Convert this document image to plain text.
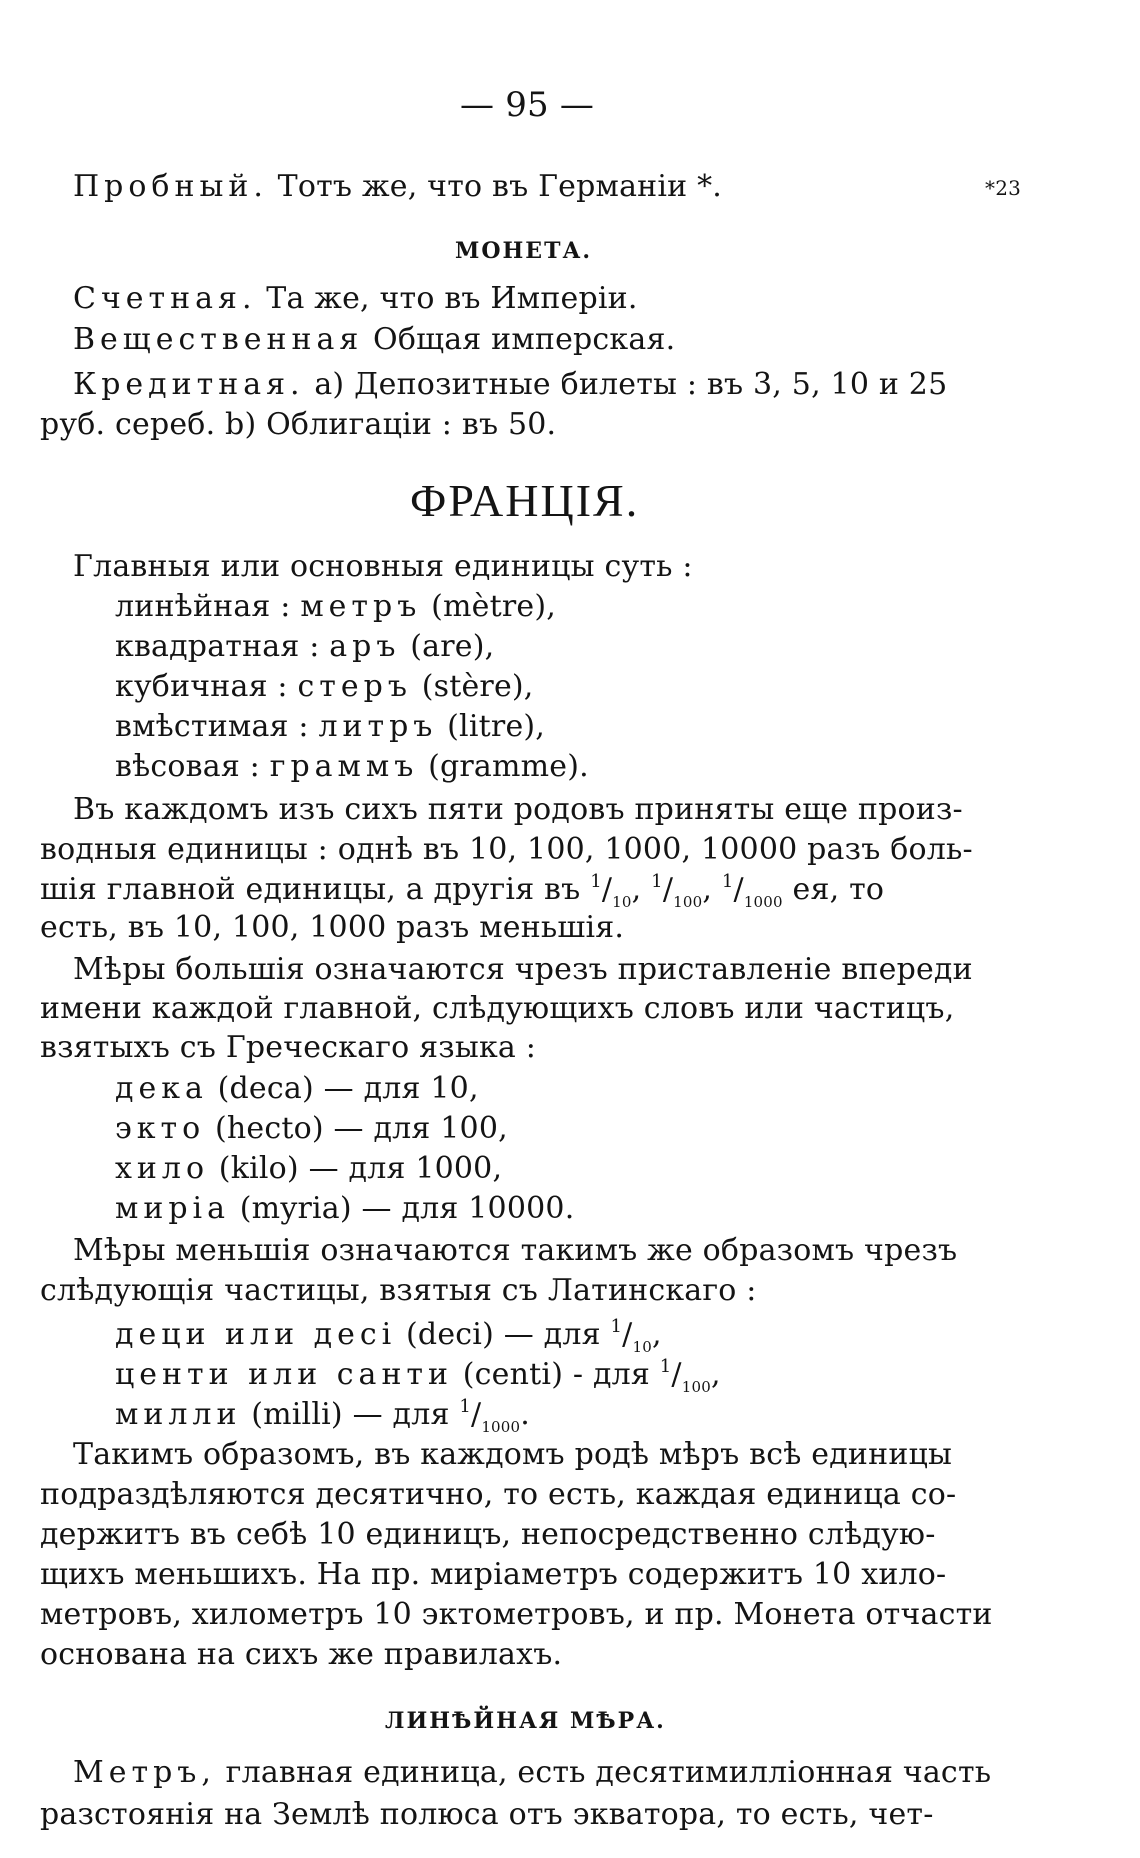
— 95 —
*23
Пробный. Тотъ же, что въ Германіи *.
МОНЕТА.
Счетная. Та же, что въ Имперіи.
Вещественная Общая имперская.
Кредитная. a) Депозитные билеты : въ 3, 5, 10 и 25
руб. сереб. b) Облигаціи : въ 50.
ФРАНЦІЯ.
Главныя или основныя единицы суть :
линѣйная : метръ (mètre),
квадратная : аръ (are),
кубичная : стеръ (stère),
вмѣстимая : литръ (litre),
вѣсовая : граммъ (gramme).
Въ каждомъ изъ сихъ пяти родовъ приняты еще произ-
водныя единицы : однѣ въ 10, 100, 1000, 10000 разъ боль-
шія главной единицы, а другія въ $^1/_{10}$, $^1/_{100}$, $^1/_{1000}$ ея, то
есть, въ 10, 100, 1000 разъ меньшія.
Мѣры большія означаются чрезъ приставленіе впереди
имени каждой главной, слѣдующихъ словъ или частицъ,
взятыхъ съ Греческаго языка :
дека (deca) — для 10,
экто (hecto) — для 100,
хило (kilo) — для 1000,
миріа (myria) — для 10000.
Мѣры меньшія означаются такимъ же образомъ чрезъ
слѣдующія частицы, взятыя съ Латинскаго :
деци или десі (deci) — для $^1/_{10}$,
центи или санти (centi) - для $^1/_{100}$,
милли (milli) — для $^1/_{1000}$.
Такимъ образомъ, въ каждомъ родѣ мѣръ всѣ единицы
подраздѣляются десятично, то есть, каждая единица со-
держитъ въ себѣ 10 единицъ, непосредственно слѣдую-
щихъ меньшихъ. На пр. миріаметръ содержитъ 10 хило-
метровъ, хилометръ 10 эктометровъ, и пр. Монета отчасти
основана на сихъ же правилахъ.
ЛИНѢЙНАЯ МѢРА.
Метръ, главная единица, есть десятимилліонная часть
разстоянія на Землѣ полюса отъ экватора, то есть, чет-
